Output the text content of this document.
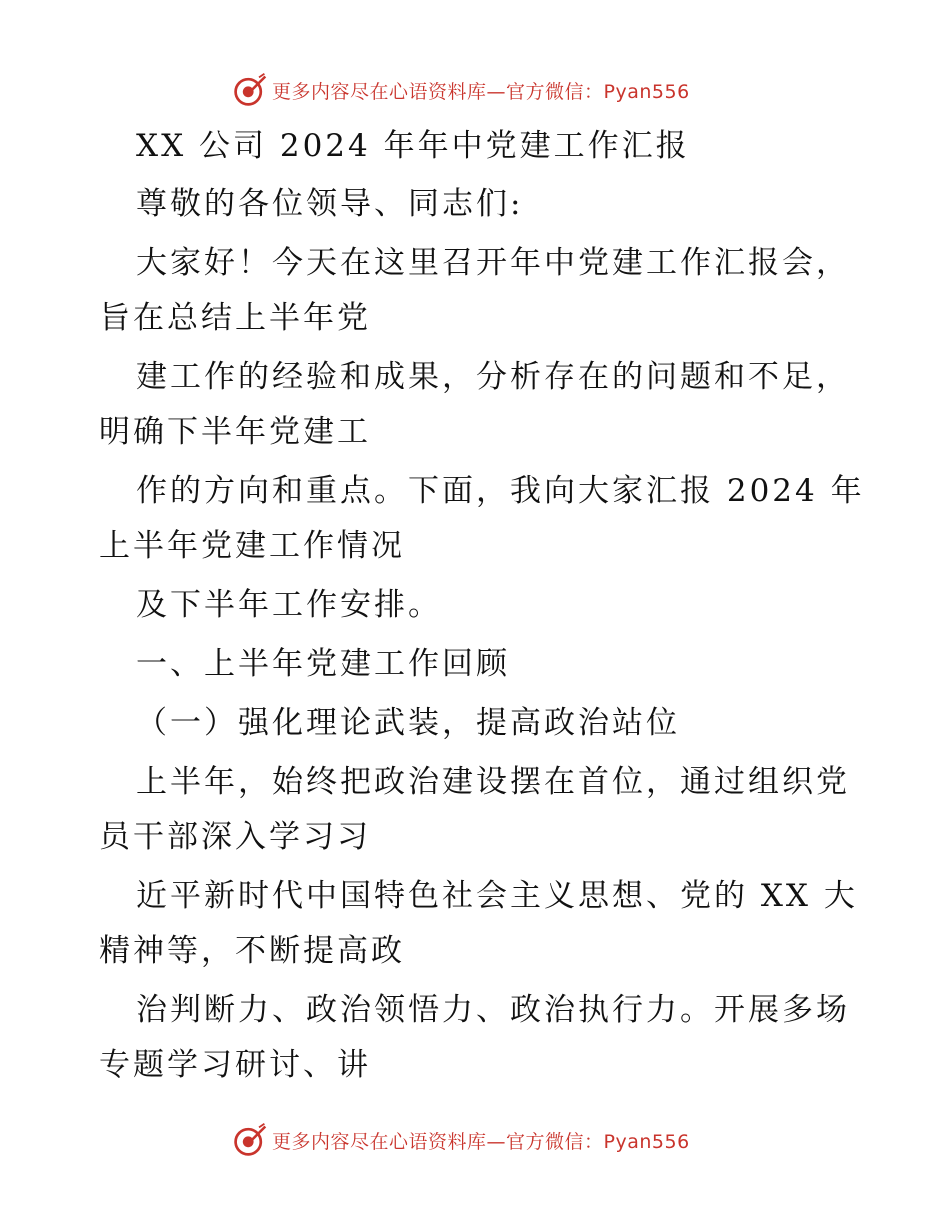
更多内容尽在心语资料库—官方微信：Pyan556
XX 公司 2024 年年中党建工作汇报
尊敬的各位领导、同志们:
大家好！今天在这里召开年中党建工作汇报会，
旨在总结上半年党
建工作的经验和成果，分析存在的问题和不足，
明确下半年党建工
作的方向和重点。下面，我向大家汇报 2024 年
上半年党建工作情况
及下半年工作安排。
一、上半年党建工作回顾
（一）强化理论武装，提高政治站位
上半年，始终把政治建设摆在首位，通过组织党
员干部深入学习习
近平新时代中国特色社会主义思想、党的 XX 大
精神等，不断提高政
治判断力、政治领悟力、政治执行力。开展多场
专题学习研讨、讲
更多内容尽在心语资料库—官方微信：Pyan556
